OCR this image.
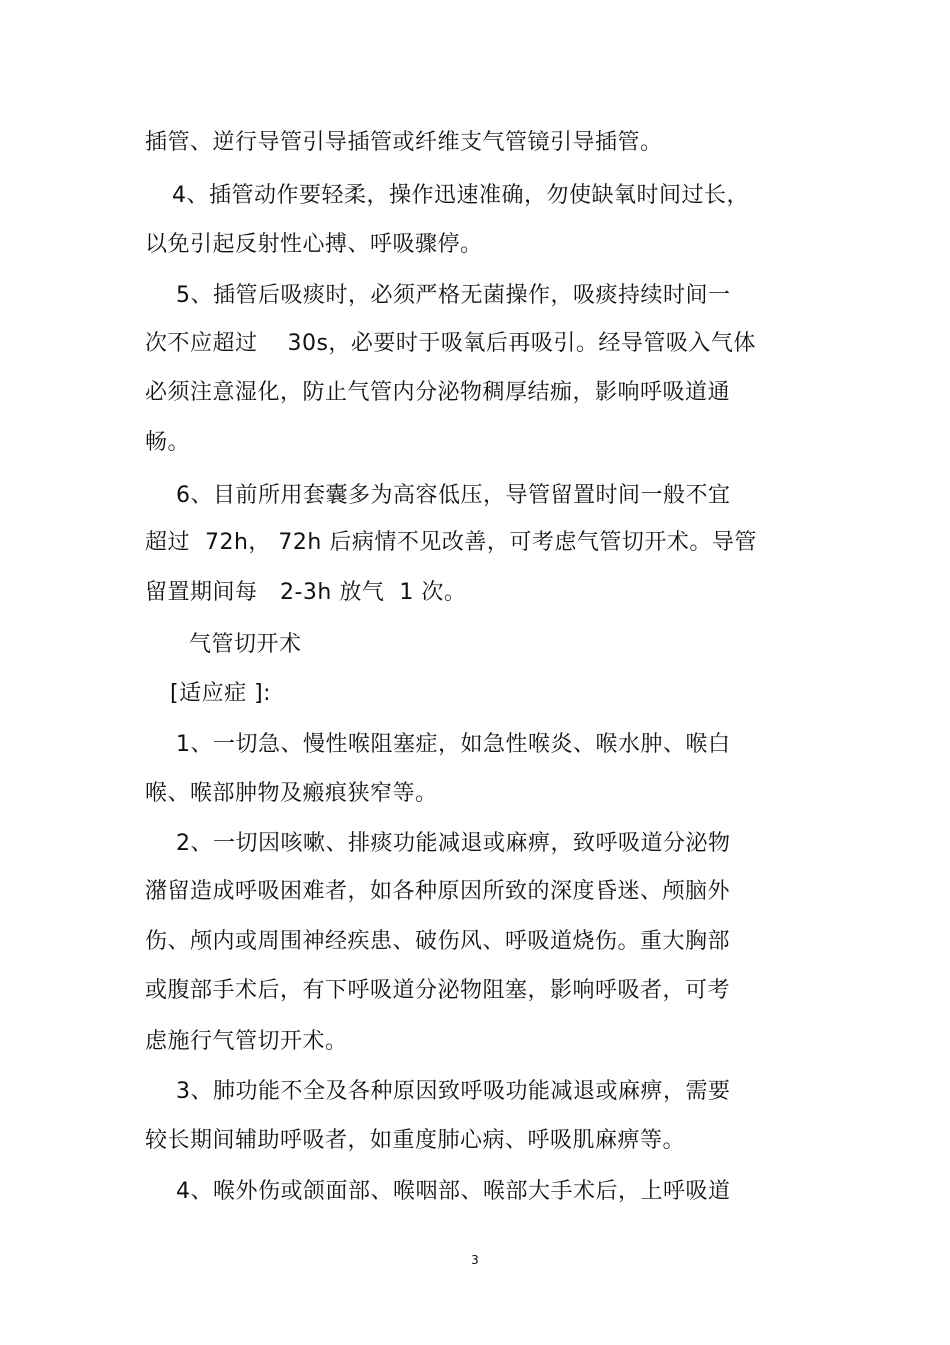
插管、逆行导管引导插管或纤维支气管镜引导插管。
4、插管动作要轻柔，操作迅速准确，勿使缺氧时间过长，
以免引起反射性心搏、呼吸骤停。
5、插管后吸痰时，必须严格无菌操作，吸痰持续时间一
次不应超过    30s，必要时于吸氧后再吸引。经导管吸入气体
必须注意湿化，防止气管内分泌物稠厚结痂，影响呼吸道通
畅。
6、目前所用套囊多为高容低压，导管留置时间一般不宜
超过  72h， 72h 后病情不见改善，可考虑气管切开术。导管
留置期间每   2-3h 放气  1 次。
气管切开术
[适应症 ]:
1、一切急、慢性喉阻塞症，如急性喉炎、喉水肿、喉白
喉、喉部肿物及瘢痕狭窄等。
2、一切因咳嗽、排痰功能减退或麻痹，致呼吸道分泌物
潴留造成呼吸困难者，如各种原因所致的深度昏迷、颅脑外
伤、颅内或周围神经疾患、破伤风、呼吸道烧伤。重大胸部
或腹部手术后，有下呼吸道分泌物阻塞，影响呼吸者，可考
虑施行气管切开术。
3、肺功能不全及各种原因致呼吸功能减退或麻痹，需要
较长期间辅助呼吸者，如重度肺心病、呼吸肌麻痹等。
4、喉外伤或颌面部、喉咽部、喉部大手术后，上呼吸道
3
